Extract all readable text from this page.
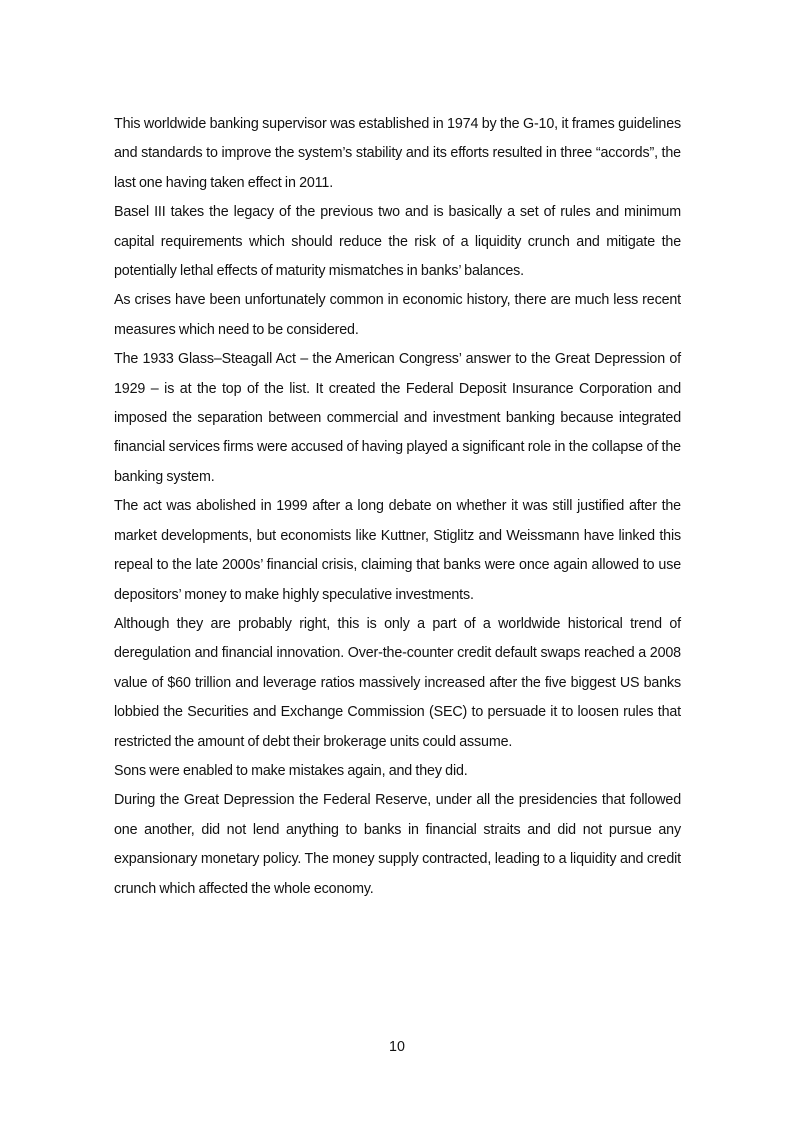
This worldwide banking supervisor was established in 1974 by the G-10, it frames guidelines and standards to improve the system’s stability and its efforts resulted in three “accords”, the last one having taken effect in 2011.

Basel III takes the legacy of the previous two and is basically a set of rules and minimum capital requirements which should reduce the risk of a liquidity crunch and mitigate the potentially lethal effects of maturity mismatches in banks’ balances.

As crises have been unfortunately common in economic history, there are much less recent measures which need to be considered.

The 1933 Glass–Steagall Act – the American Congress’ answer to the Great Depression of 1929 – is at the top of the list. It created the Federal Deposit Insurance Corporation and imposed the separation between commercial and investment banking because integrated financial services firms were accused of having played a significant role in the collapse of the banking system.

The act was abolished in 1999 after a long debate on whether it was still justified after the market developments, but economists like Kuttner, Stiglitz and Weissmann have linked this repeal to the late 2000s’ financial crisis, claiming that banks were once again allowed to use depositors’ money to make highly speculative investments.

Although they are probably right, this is only a part of a worldwide historical trend of deregulation and financial innovation. Over-the-counter credit default swaps reached a 2008 value of $60 trillion and leverage ratios massively increased after the five biggest US banks lobbied the Securities and Exchange Commission (SEC) to persuade it to loosen rules that restricted the amount of debt their brokerage units could assume.

Sons were enabled to make mistakes again, and they did.

During the Great Depression the Federal Reserve, under all the presidencies that followed one another, did not lend anything to banks in financial straits and did not pursue any expansionary monetary policy. The money supply contracted, leading to a liquidity and credit crunch which affected the whole economy.

10
